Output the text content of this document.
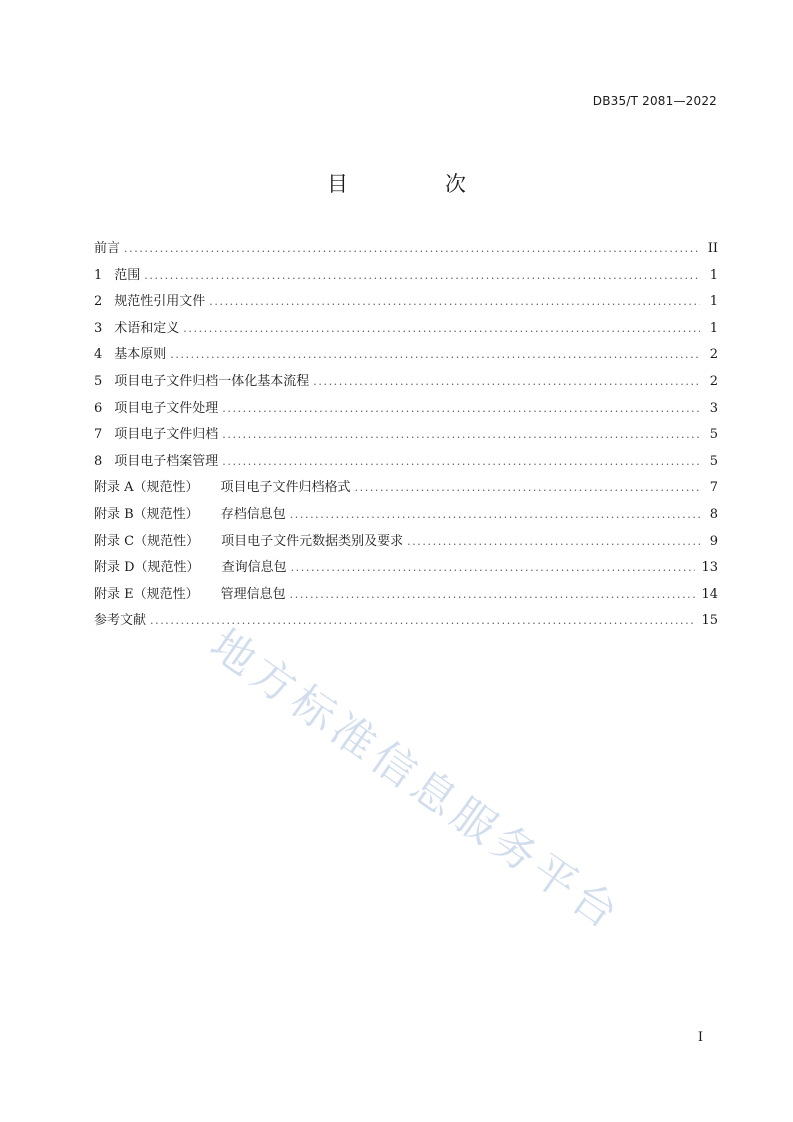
DB35/T 2081—2022
目　次
前言 .....	II
1 范围 .....	1
2 规范性引用文件 .....	1
3 术语和定义 .....	1
4 基本原则 .....	2
5 项目电子文件归档一体化基本流程 .....	2
6 项目电子文件处理 .....	3
7 项目电子文件归档 .....	5
8 项目电子档案管理 .....	5
附录 A（规范性） 项目电子文件归档格式 .....	7
附录 B（规范性） 存档信息包 .....	8
附录 C（规范性） 项目电子文件元数据类别及要求 .....	9
附录 D（规范性） 查询信息包 .....	13
附录 E（规范性） 管理信息包 .....	14
参考文献 .....	15
地方标准信息服务平台
I
